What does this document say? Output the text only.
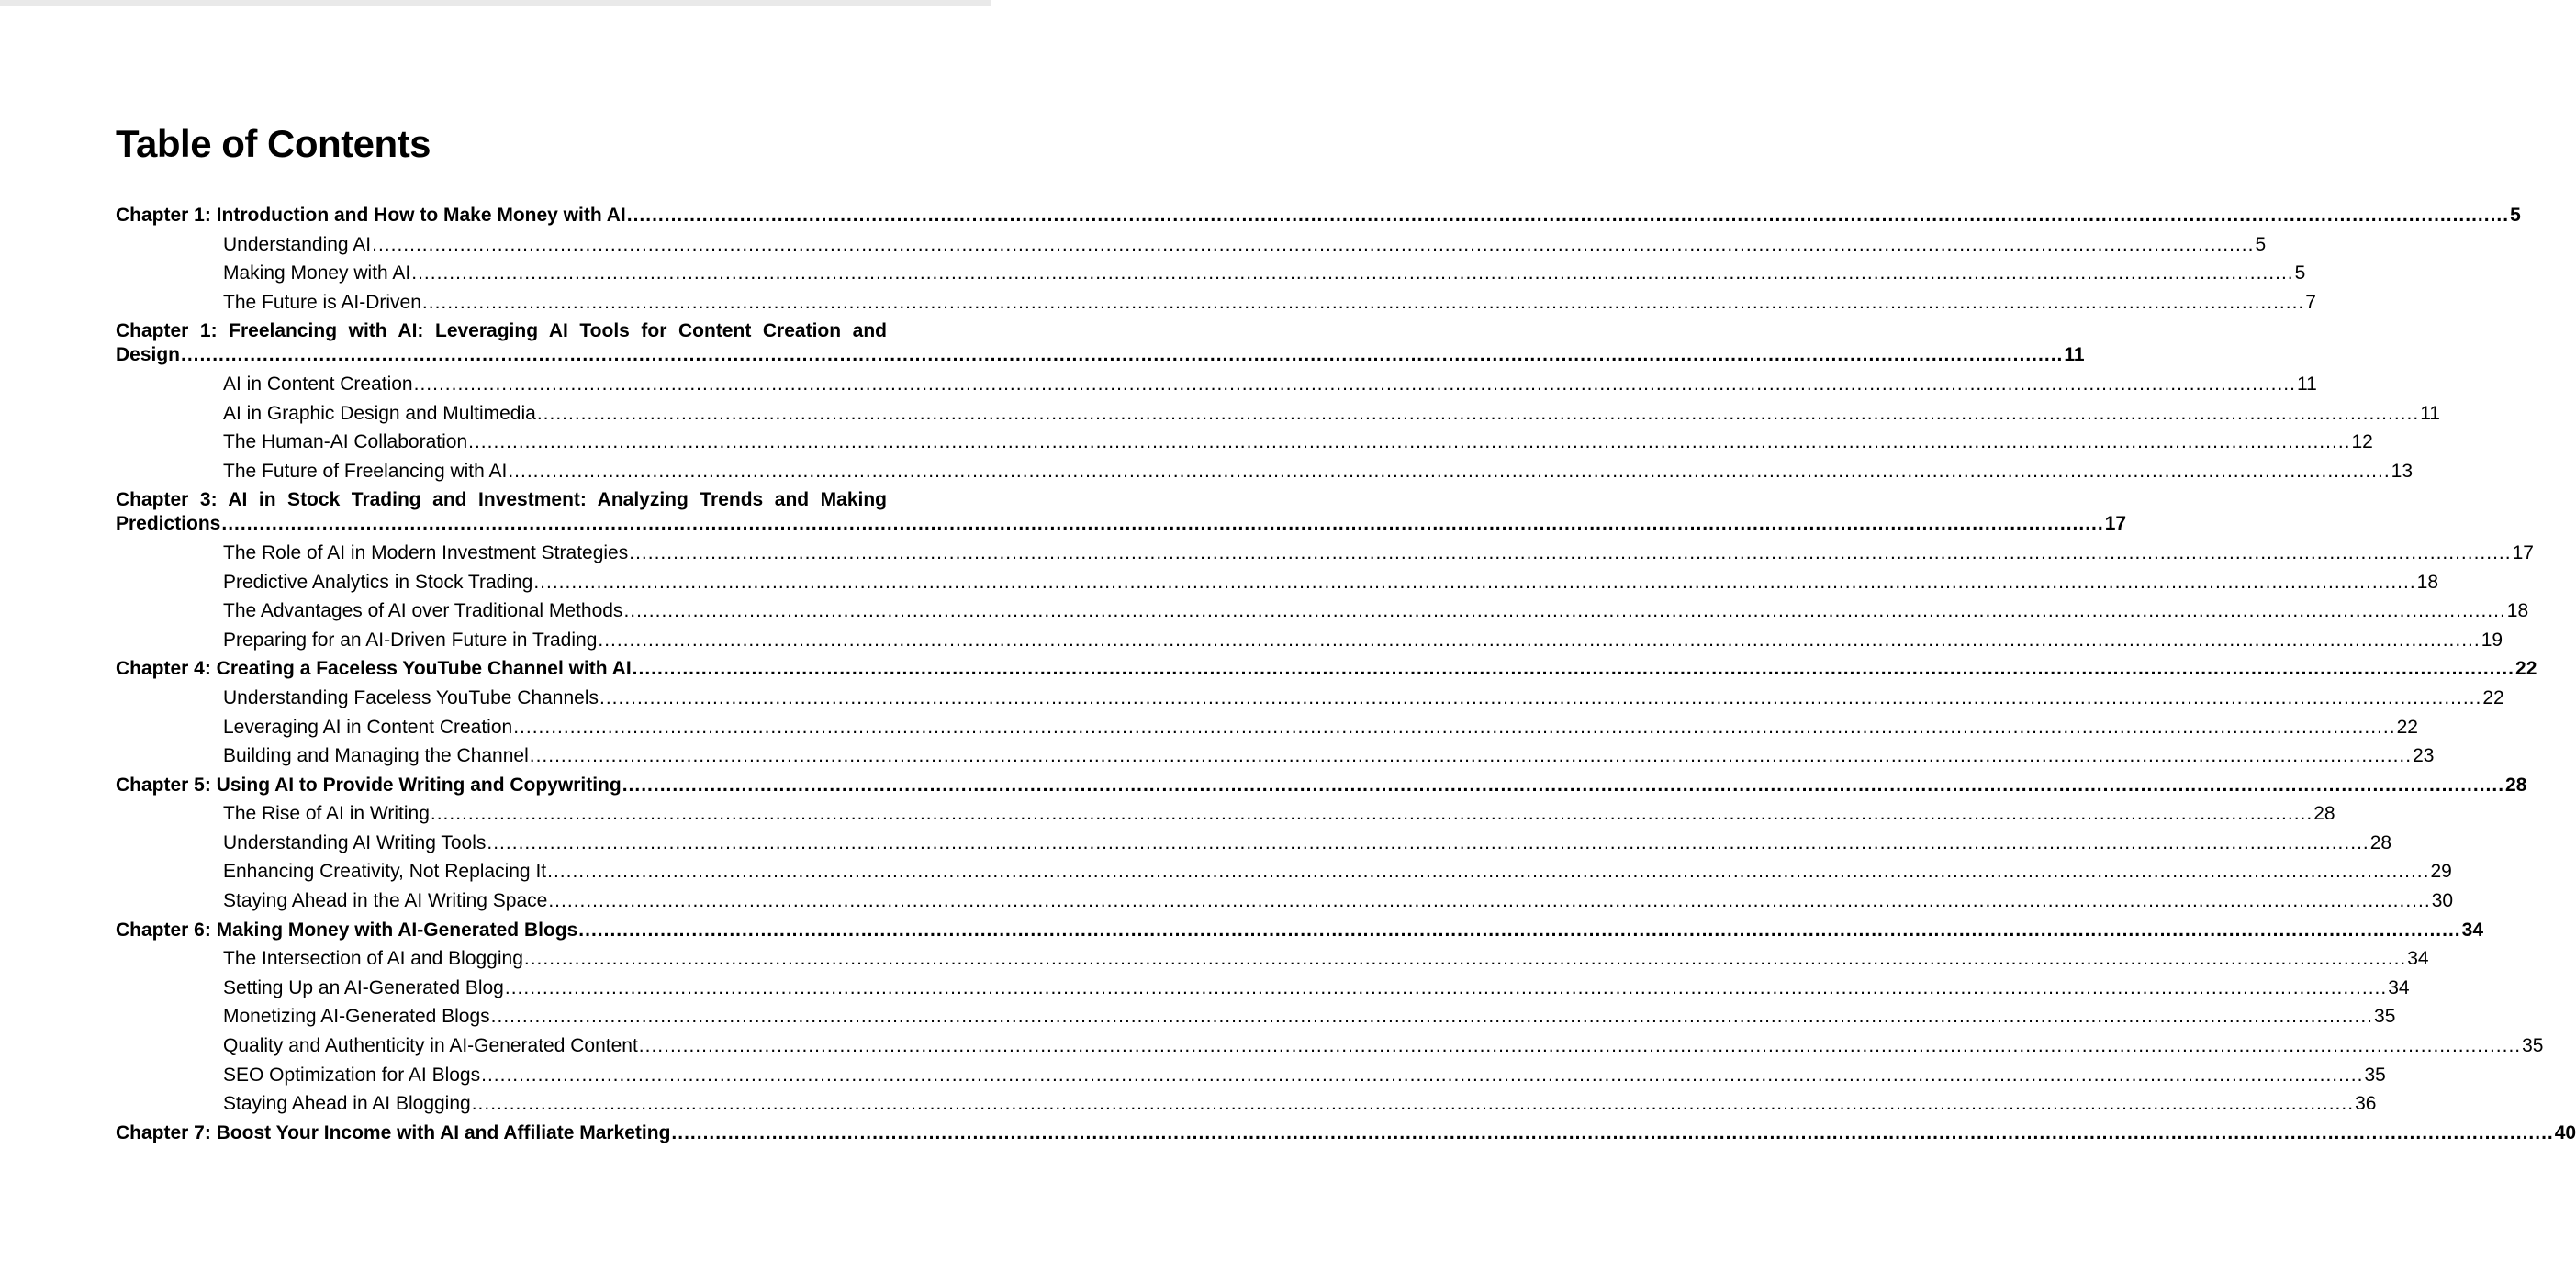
Table of Contents
Chapter 1: Introduction and How to Make Money with AI ............................................................................................................................................................................................................................................................................................................ 5
Understanding AI ............................................................................................................................................................................................................................................................................................................ 5
Making Money with AI ............................................................................................................................................................................................................................................................................................................ 5
The Future is AI-Driven ............................................................................................................................................................................................................................................................................................................ 7
Chapter 1: Freelancing with AI: Leveraging AI Tools for Content Creation and
Design ............................................................................................................................................................................................................................................................................................................ 11
AI in Content Creation ............................................................................................................................................................................................................................................................................................................ 11
AI in Graphic Design and Multimedia ............................................................................................................................................................................................................................................................................................................ 11
The Human-AI Collaboration ............................................................................................................................................................................................................................................................................................................ 12
The Future of Freelancing with AI ............................................................................................................................................................................................................................................................................................................ 13
Chapter 3: AI in Stock Trading and Investment: Analyzing Trends and Making
Predictions ............................................................................................................................................................................................................................................................................................................ 17
The Role of AI in Modern Investment Strategies ............................................................................................................................................................................................................................................................................................................ 17
Predictive Analytics in Stock Trading ............................................................................................................................................................................................................................................................................................................ 18
The Advantages of AI over Traditional Methods ............................................................................................................................................................................................................................................................................................................ 18
Preparing for an AI-Driven Future in Trading ............................................................................................................................................................................................................................................................................................................ 19
Chapter 4: Creating a Faceless YouTube Channel with AI ............................................................................................................................................................................................................................................................................................................ 22
Understanding Faceless YouTube Channels ............................................................................................................................................................................................................................................................................................................ 22
Leveraging AI in Content Creation ............................................................................................................................................................................................................................................................................................................ 22
Building and Managing the Channel ............................................................................................................................................................................................................................................................................................................ 23
Chapter 5: Using AI to Provide Writing and Copywriting ............................................................................................................................................................................................................................................................................................................ 28
The Rise of AI in Writing ............................................................................................................................................................................................................................................................................................................ 28
Understanding AI Writing Tools ............................................................................................................................................................................................................................................................................................................ 28
Enhancing Creativity, Not Replacing It ............................................................................................................................................................................................................................................................................................................ 29
Staying Ahead in the AI Writing Space ............................................................................................................................................................................................................................................................................................................ 30
Chapter 6: Making Money with AI-Generated Blogs ............................................................................................................................................................................................................................................................................................................ 34
The Intersection of AI and Blogging ............................................................................................................................................................................................................................................................................................................ 34
Setting Up an AI-Generated Blog ............................................................................................................................................................................................................................................................................................................ 34
Monetizing AI-Generated Blogs ............................................................................................................................................................................................................................................................................................................ 35
Quality and Authenticity in AI-Generated Content ............................................................................................................................................................................................................................................................................................................ 35
SEO Optimization for AI Blogs ............................................................................................................................................................................................................................................................................................................ 35
Staying Ahead in AI Blogging ............................................................................................................................................................................................................................................................................................................ 36
Chapter 7: Boost Your Income with AI and Affiliate Marketing ............................................................................................................................................................................................................................................................................................................ 40
